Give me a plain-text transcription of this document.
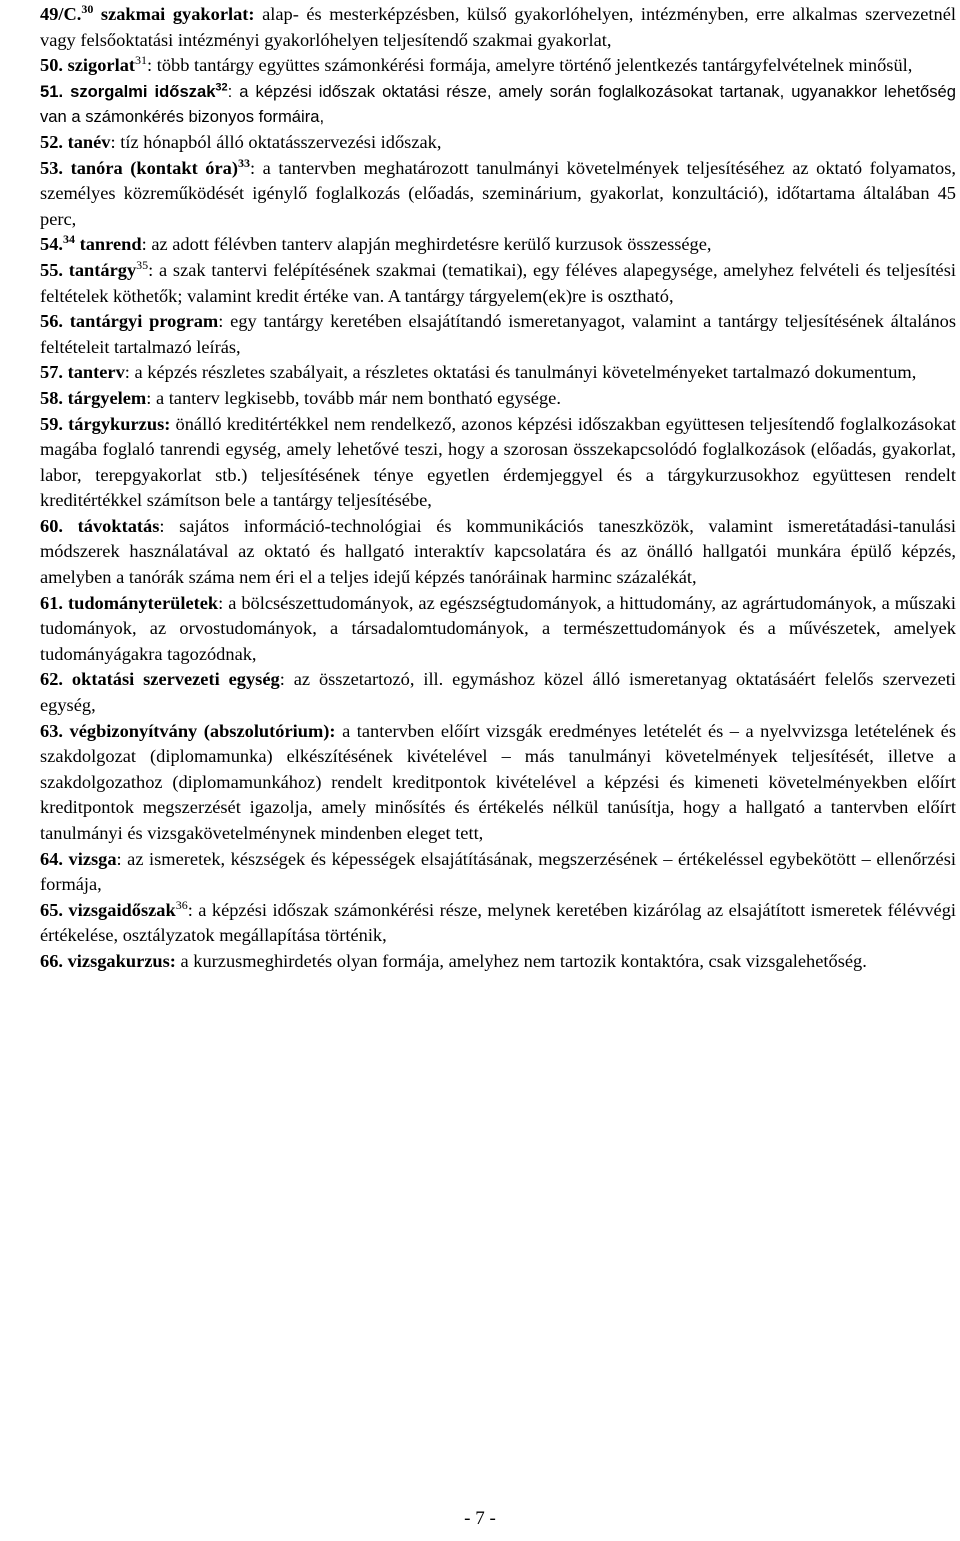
49/C.$^{30}$ szakmai gyakorlat: alap- és mesterképzésben, külső gyakorlóhelyen, intézményben, erre alkalmas szervezetnél vagy felsőoktatási intézményi gyakorlóhelyen teljesítendő szakmai gyakorlat,

50. szigorlat$^{31}$: több tantárgy együttes számonkérési formája, amelyre történő jelentkezés tantárgyfelvételnek minősül,

51. szorgalmi időszak$^{32}$: a képzési időszak oktatási része, amely során foglalkozásokat tartanak, ugyanakkor lehetőség van a számonkérés bizonyos formáira,

52. tanév: tíz hónapból álló oktatásszervezési időszak,

53. tanóra (kontakt óra)$^{33}$: a tantervben meghatározott tanulmányi követelmények teljesítéséhez az oktató folyamatos, személyes közreműködését igénylő foglalkozás (előadás, szeminárium, gyakorlat, konzultáció), időtartama általában 45 perc,

54.34 tanrend: az adott félévben tanterv alapján meghirdetésre kerülő kurzusok összessége,

55. tantárgy$^{35}$: a szak tantervi felépítésének szakmai (tematikai), egy féléves alapegysége, amelyhez felvételi és teljesítési feltételek köthetők; valamint kredit értéke van. A tantárgy tárgyelem(ek)re is osztható,

56. tantárgyi program: egy tantárgy keretében elsajátítandó ismeretanyagot, valamint a tantárgy teljesítésének általános feltételeit tartalmazó leírás,

57. tanterv: a képzés részletes szabályait, a részletes oktatási és tanulmányi követelményeket tartalmazó dokumentum,

58. tárgyelem: a tanterv legkisebb, tovább már nem bontható egysége.

59. tárgykurzus: önálló kreditértékkel nem rendelkező, azonos képzési időszakban együttesen teljesítendő foglalkozásokat magába foglaló tanrendi egység, amely lehetővé teszi, hogy a szorosan összekapcsolódó foglalkozások (előadás, gyakorlat, labor, terepgyakorlat stb.) teljesítésének ténye egyetlen érdemjeggyel és a tárgykurzusokhoz együttesen rendelt kreditértékkel számítson bele a tantárgy teljesítésébe,

60. távoktatás: sajátos információ-technológiai és kommunikációs taneszközök, valamint ismeretátadási-tanulási módszerek használatával az oktató és hallgató interaktív kapcsolatára és az önálló hallgatói munkára épülő képzés, amelyben a tanórák száma nem éri el a teljes idejű képzés tanóráinak harminc százalékát,

61. tudományterületek: a bölcsészettudományok, az egészségtudományok, a hittudomány, az agrártudományok, a műszaki tudományok, az orvostudományok, a társadalomtudományok, a természettudományok és a művészetek, amelyek tudományágakra tagozódnak,

62. oktatási szervezeti egység: az összetartozó, ill. egymáshoz közel álló ismeretanyag oktatásáért felelős szervezeti egység,

63. végbizonyítvány (abszolutórium): a tantervben előírt vizsgák eredményes letételét és – a nyelvvizsga letételének és szakdolgozat (diplomamunka) elkészítésének kivételével – más tanulmányi követelmények teljesítését, illetve a szakdolgozathoz (diplomamunkához) rendelt kreditpontok kivételével a képzési és kimeneti követelményekben előírt kreditpontok megszerzését igazolja, amely minősítés és értékelés nélkül tanúsítja, hogy a hallgató a tantervben előírt tanulmányi és vizsgakövetelménynek mindenben eleget tett,

64. vizsga: az ismeretek, készségek és képességek elsajátításának, megszerzésének – értékeléssel egybekötött – ellenőrzési formája,

65. vizsgaidőszak$^{36}$: a képzési időszak számonkérési része, melynek keretében kizárólag az elsajátított ismeretek félévvégi értékelése, osztályzatok megállapítása történik,

66. vizsgakurzus: a kurzusmeghirdetés olyan formája, amelyhez nem tartozik kontaktóra, csak vizsgalehetőség.

- 7 -
